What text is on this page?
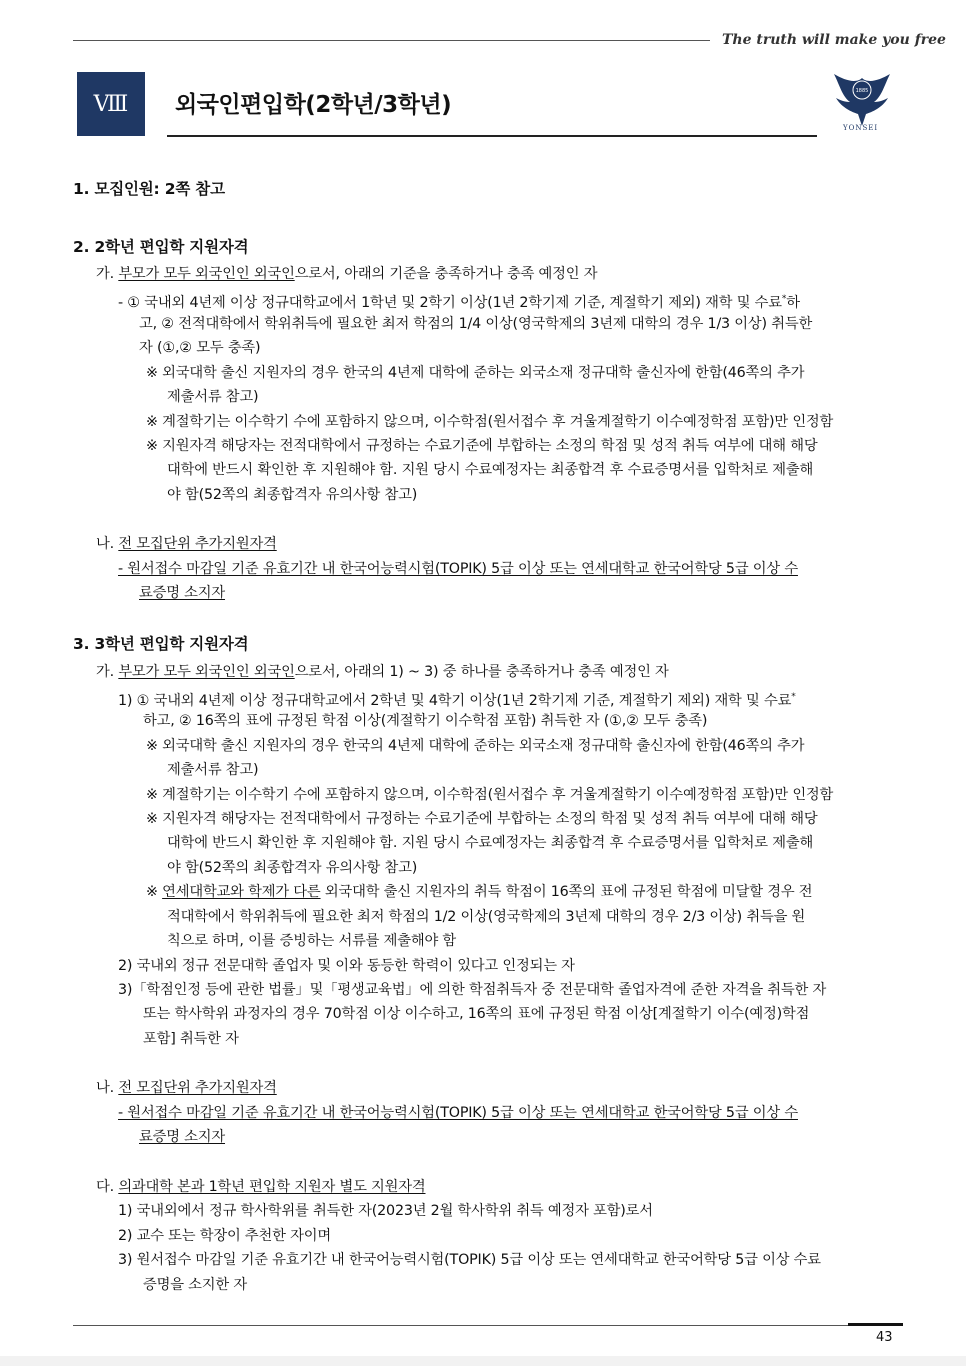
The truth will make you free
Ⅷ	외국인편입학(2학년/3학년)
1885
YONSEI
1. 모집인원: 2쪽 참고
2. 2학년 편입학 지원자격
가. 부모가 모두 외국인인 외국인으로서, 아래의 기준을 충족하거나 충족 예정인 자
- ① 국내외 4년제 이상 정규대학교에서 1학년 및 2학기 이상(1년 2학기제 기준, 계절학기 제외) 재학 및 수료*하
고, ② 전적대학에서 학위취득에 필요한 최저 학점의 1/4 이상(영국학제의 3년제 대학의 경우 1/3 이상) 취득한
자 (①,② 모두 충족)
※ 외국대학 출신 지원자의 경우 한국의 4년제 대학에 준하는 외국소재 정규대학 출신자에 한함(46쪽의 추가
제출서류 참고)
※ 계절학기는 이수학기 수에 포함하지 않으며, 이수학점(원서접수 후 겨울계절학기 이수예정학점 포함)만 인정함
※ 지원자격 해당자는 전적대학에서 규정하는 수료기준에 부합하는 소정의 학점 및 성적 취득 여부에 대해 해당
대학에 반드시 확인한 후 지원해야 함. 지원 당시 수료예정자는 최종합격 후 수료증명서를 입학처로 제출해
야 함(52쪽의 최종합격자 유의사항 참고)
나. 전 모집단위 추가지원자격
- 원서접수 마감일 기준 유효기간 내 한국어능력시험(TOPIK) 5급 이상 또는 연세대학교 한국어학당 5급 이상 수
료증명 소지자
3. 3학년 편입학 지원자격
가. 부모가 모두 외국인인 외국인으로서, 아래의 1) ~ 3) 중 하나를 충족하거나 충족 예정인 자
1) ① 국내외 4년제 이상 정규대학교에서 2학년 및 4학기 이상(1년 2학기제 기준, 계절학기 제외) 재학 및 수료*
하고, ② 16쪽의 표에 규정된 학점 이상(계절학기 이수학점 포함) 취득한 자 (①,② 모두 충족)
※ 외국대학 출신 지원자의 경우 한국의 4년제 대학에 준하는 외국소재 정규대학 출신자에 한함(46쪽의 추가
제출서류 참고)
※ 계절학기는 이수학기 수에 포함하지 않으며, 이수학점(원서접수 후 겨울계절학기 이수예정학점 포함)만 인정함
※ 지원자격 해당자는 전적대학에서 규정하는 수료기준에 부합하는 소정의 학점 및 성적 취득 여부에 대해 해당
대학에 반드시 확인한 후 지원해야 함. 지원 당시 수료예정자는 최종합격 후 수료증명서를 입학처로 제출해
야 함(52쪽의 최종합격자 유의사항 참고)
※ 연세대학교와 학제가 다른 외국대학 출신 지원자의 취득 학점이 16쪽의 표에 규정된 학점에 미달할 경우 전
적대학에서 학위취득에 필요한 최저 학점의 1/2 이상(영국학제의 3년제 대학의 경우 2/3 이상) 취득을 원
칙으로 하며, 이를 증빙하는 서류를 제출해야 함
2) 국내외 정규 전문대학 졸업자 및 이와 동등한 학력이 있다고 인정되는 자
3)「학점인정 등에 관한 법률」및「평생교육법」에 의한 학점취득자 중 전문대학 졸업자격에 준한 자격을 취득한 자
또는 학사학위 과정자의 경우 70학점 이상 이수하고, 16쪽의 표에 규정된 학점 이상[계절학기 이수(예정)학점
포함] 취득한 자
나. 전 모집단위 추가지원자격
- 원서접수 마감일 기준 유효기간 내 한국어능력시험(TOPIK) 5급 이상 또는 연세대학교 한국어학당 5급 이상 수
료증명 소지자
다. 의과대학 본과 1학년 편입학 지원자 별도 지원자격
1) 국내외에서 정규 학사학위를 취득한 자(2023년 2월 학사학위 취득 예정자 포함)로서
2) 교수 또는 학장이 추천한 자이며
3) 원서접수 마감일 기준 유효기간 내 한국어능력시험(TOPIK) 5급 이상 또는 연세대학교 한국어학당 5급 이상 수료
증명을 소지한 자
43
